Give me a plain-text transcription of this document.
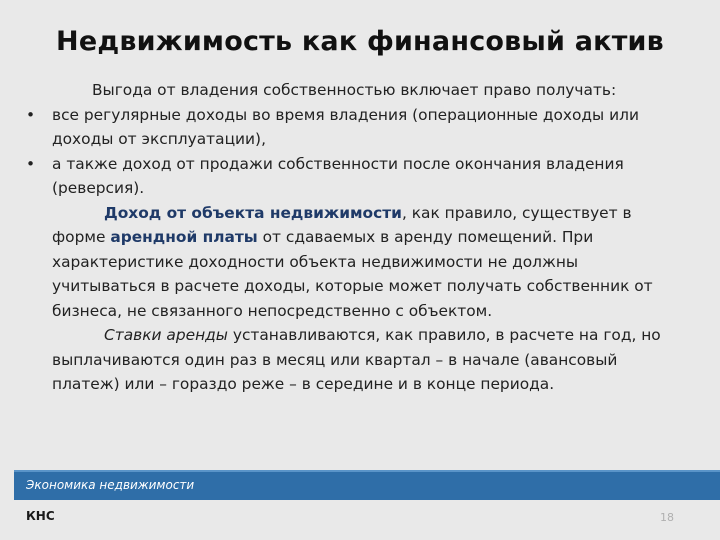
Недвижимость как финансовый актив

Выгода от владения собственностью включает право получать:

• все регулярные доходы во время владения (операционные доходы или доходы от эксплуатации),

• а также доход от продажи собственности после окончания владения (реверсия).

Доход от объекта недвижимости, как правило, существует в форме арендной платы от сдаваемых в аренду помещений. При характеристике доходности объекта недвижимости не должны учитываться в расчете доходы, которые может получать собственник от бизнеса, не связанного непосредственно с объектом.

Ставки аренды устанавливаются, как правило, в расчете на год, но выплачиваются один раз в месяц или квартал – в начале (авансовый платеж) или – гораздо реже – в середине и в конце периода.

Экономика недвижимости
КНС	18
